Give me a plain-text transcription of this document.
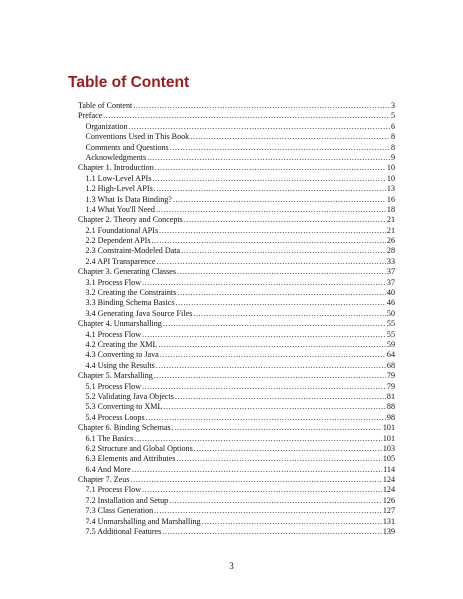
Table of Content
Table of Content .....	3
Preface .....	5
Organization .....	6
Conventions Used in This Book .....	8
Comments and Questions .....	8
Acknowledgments .....	9
Chapter 1. Introduction .....	10
1.1 Low-Level APIs .....	10
1.2 High-Level APIs .....	13
1.3 What Is Data Binding? .....	16
1.4 What You'll Need .....	18
Chapter 2. Theory and Concepts .....	21
2.1 Foundational APIs .....	21
2.2 Dependent APIs .....	26
2.3 Constraint-Modeled Data .....	28
2.4 API Transparence .....	33
Chapter 3. Generating Classes .....	37
3.1 Process Flow .....	37
3.2 Creating the Constraints .....	40
3.3 Binding Schema Basics .....	46
3.4 Generating Java Source Files .....	50
Chapter 4. Unmarshalling .....	55
4.1 Process Flow .....	55
4.2 Creating the XML .....	59
4.3 Converting to Java .....	64
4.4 Using the Results .....	68
Chapter 5. Marshalling .....	79
5.1 Process Flow .....	79
5.2 Validating Java Objects .....	81
5.3 Converting to XML .....	88
5.4 Process Loops .....	98
Chapter 6. Binding Schemas .....	101
6.1 The Basics .....	101
6.2 Structure and Global Options .....	103
6.3 Elements and Attributes .....	105
6.4 And More .....	114
Chapter 7. Zeus .....	124
7.1 Process Flow .....	124
7.2 Installation and Setup .....	126
7.3 Class Generation .....	127
7.4 Unmarshalling and Marshalling .....	131
7.5 Additional Features .....	139
3
